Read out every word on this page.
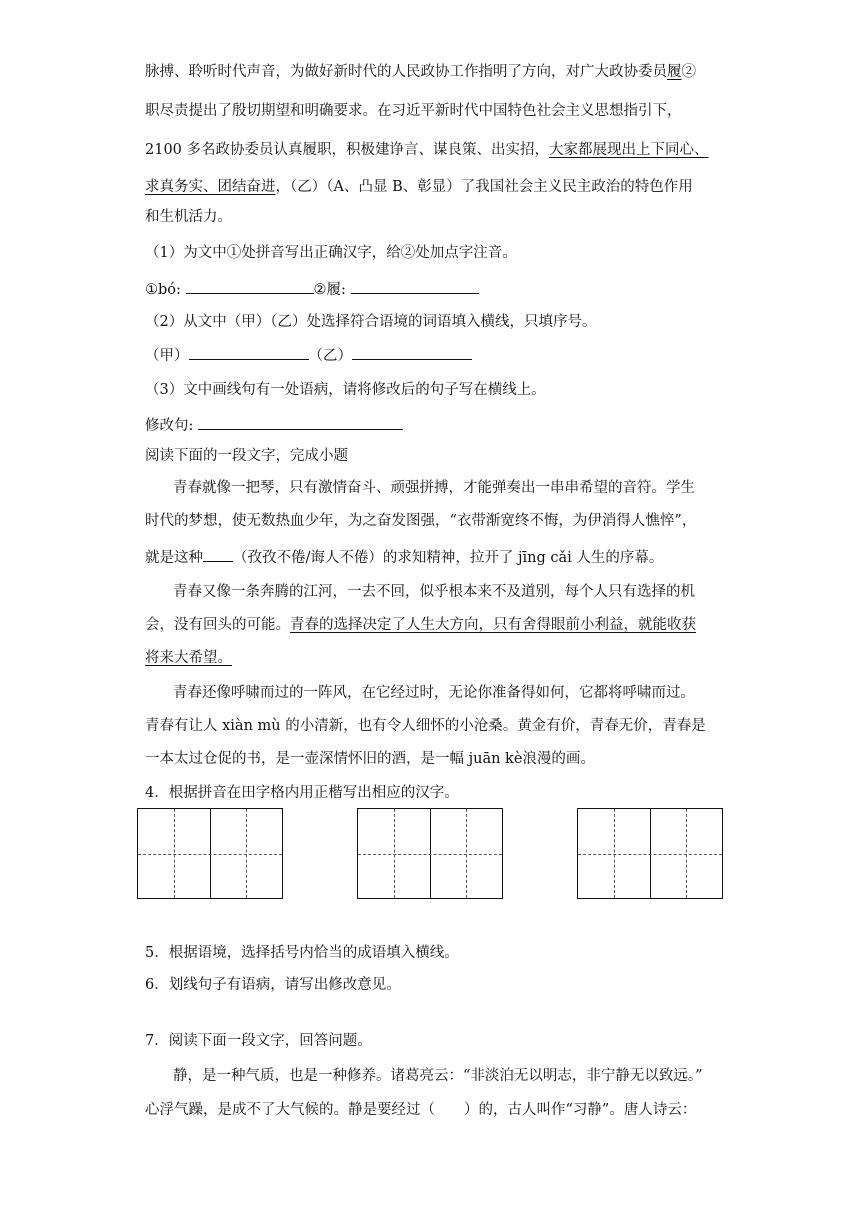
脉搏、聆听时代声音，为做好新时代的人民政协工作指明了方向，对广大政协委员履②
职尽责提出了殷切期望和明确要求。在习近平新时代中国特色社会主义思想指引下，
2100 多名政协委员认真履职，积极建诤言、谋良策、出实招，大家都展现出上下同心、
求真务实、团结奋进，（乙）（A、凸显 B、彰显）了我国社会主义民主政治的特色作用
和生机活力。
（1）为文中①处拼音写出正确汉字，给②处加点字注音。
①bó:	②履:
（2）从文中（甲）（乙）处选择符合语境的词语填入横线，只填序号。
（甲）	（乙）
（3）文中画线句有一处语病，请将修改后的句子写在横线上。
修改句:
阅读下面的一段文字，完成小题
青春就像一把琴，只有激情奋斗、顽强拼搏，才能弹奏出一串串希望的音符。学生
时代的梦想，使无数热血少年，为之奋发图强，“衣带渐宽终不悔，为伊消得人憔悴”，
就是这种 （孜孜不倦/诲人不倦）的求知精神，拉开了 jīng cǎi 人生的序幕。
青春又像一条奔腾的江河，一去不回，似乎根本来不及道别，每个人只有选择的机
会，没有回头的可能。青春的选择决定了人生大方向，只有舍得眼前小利益，就能收获
将来大希望。
青春还像呼啸而过的一阵风，在它经过时，无论你准备得如何，它都将呼啸而过。
青春有让人 xiàn mù 的小清新，也有令人细怀的小沧桑。黄金有价，青春无价，青春是
一本太过仓促的书，是一壶深情怀旧的酒，是一幅 juān kè浪漫的画。
4．根据拼音在田字格内用正楷写出相应的汉字。
5．根据语境，选择括号内恰当的成语填入横线。
6．划线句子有语病，请写出修改意见。
7．阅读下面一段文字，回答问题。
静，是一种气质，也是一种修养。诸葛亮云：“非淡泊无以明志，非宁静无以致远。”
心浮气躁，是成不了大气候的。静是要经过（　　）的，古人叫作“习静”。唐人诗云：
